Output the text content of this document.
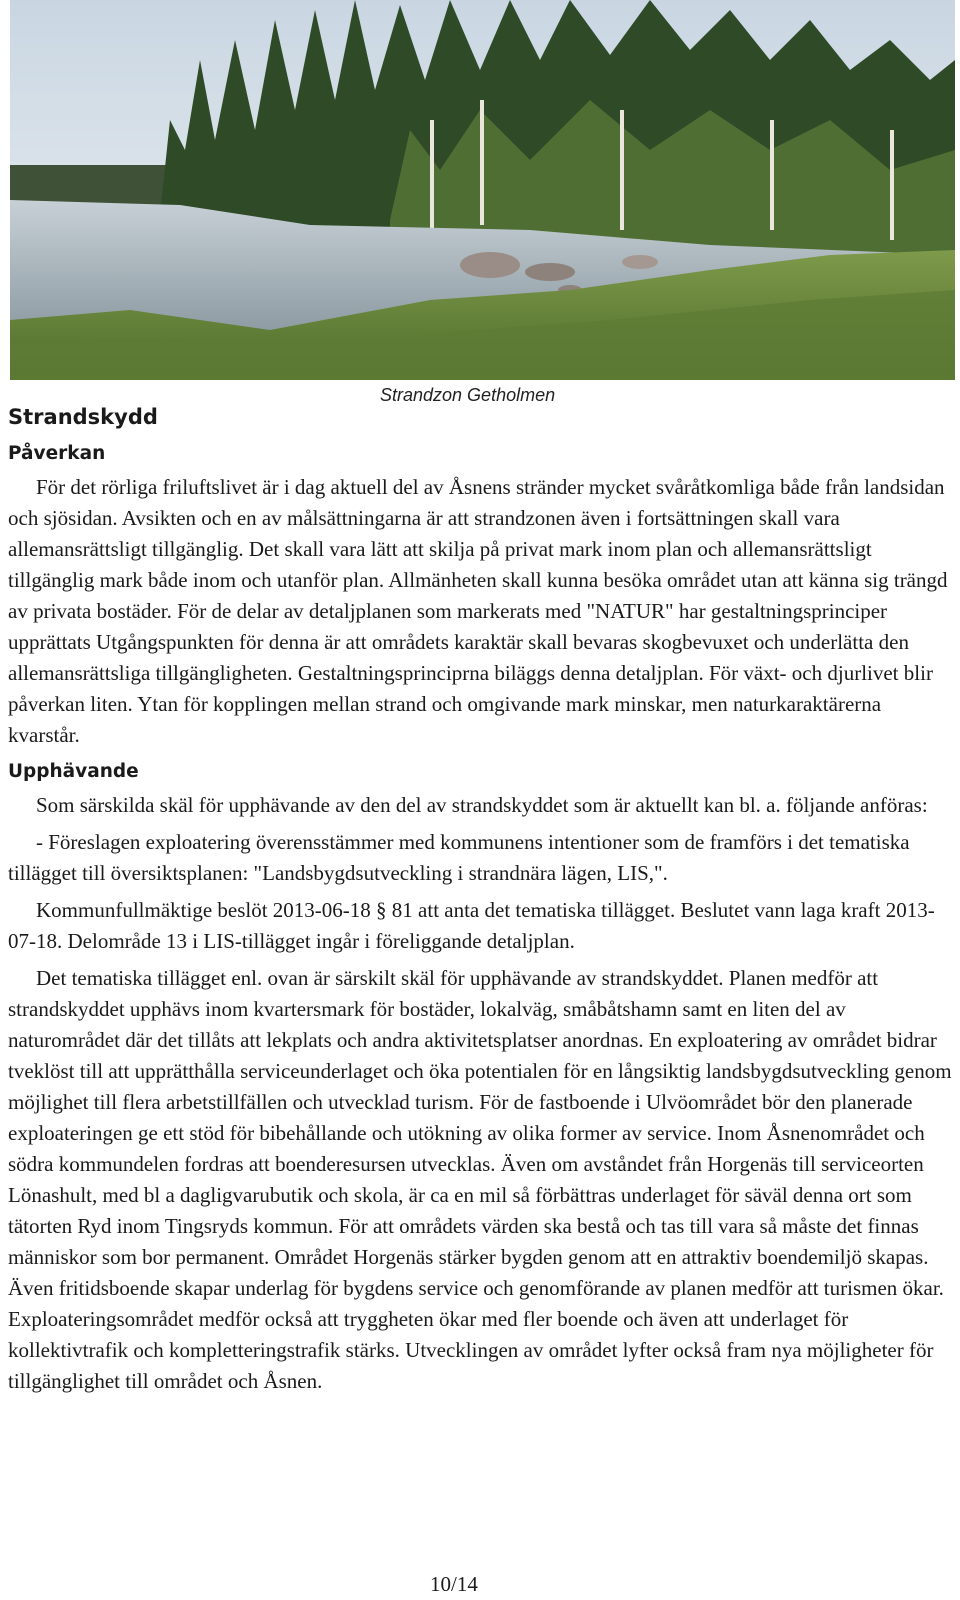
Strandzon Getholmen
Strandskydd
Påverkan

För det rörliga friluftslivet är i dag aktuell del av Åsnens stränder mycket svåråtkomliga både från landsidan och sjösidan. Avsikten och en av målsättningarna är att strandzonen även i fortsättningen skall vara allemansrättsligt tillgänglig. Det skall vara lätt att skilja på privat mark inom plan och allemansrättsligt tillgänglig mark både inom och utanför plan. Allmänheten skall kunna besöka området utan att känna sig trängd av privata bostäder. För de delar av detaljplanen som markerats med "NATUR" har gestaltningsprinciper upprättats Utgångspunkten för denna är att områdets karaktär skall bevaras skogbevuxet och underlätta den allemansrättsliga tillgängligheten. Gestaltningsprinciprna biläggs denna detaljplan. För växt- och djurlivet blir påverkan liten. Ytan för kopplingen mellan strand och omgivande mark minskar, men naturkaraktärerna kvarstår.

Upphävande

Som särskilda skäl för upphävande av den del av strandskyddet som är aktuellt kan bl. a. följande anföras:

- Föreslagen exploatering överensstämmer med kommunens intentioner som de framförs i det tematiska tillägget till översiktsplanen: "Landsbygdsutveckling i strandnära lägen, LIS,".

Kommunfullmäktige beslöt 2013-06-18 § 81 att anta det tematiska tillägget. Beslutet vann laga kraft 2013-07-18. Delområde 13 i LIS-tillägget ingår i föreliggande detaljplan.

Det tematiska tillägget enl. ovan är särskilt skäl för upphävande av strandskyddet. Planen medför att strandskyddet upphävs inom kvartersmark för bostäder, lokalväg, småbåtshamn samt en liten del av naturområdet där det tillåts att lekplats och andra aktivitetsplatser anordnas. En exploatering av området bidrar tveklöst till att upprätthålla serviceunderlaget och öka potentialen för en långsiktig landsbygdsutveckling genom möjlighet till flera arbetstillfällen och utvecklad turism. För de fastboende i Ulvöområdet bör den planerade exploateringen ge ett stöd för bibehållande och utökning av olika former av service. Inom Åsnenområdet och södra kommundelen fordras att boenderesursen utvecklas. Även om avståndet från Horgenäs till serviceorten Lönashult, med bl a dagligvarubutik och skola, är ca en mil så förbättras underlaget för säväl denna ort som tätorten Ryd inom Tingsryds kommun. För att områdets värden ska bestå och tas till vara så måste det finnas människor som bor permanent. Området Horgenäs stärker bygden genom att en attraktiv boendemiljö skapas. Även fritidsboende skapar underlag för bygdens service och genomförande av planen medför att turismen ökar. Exploateringsområdet medför också att tryggheten ökar med fler boende och även att underlaget för kollektivtrafik och kompletteringstrafik stärks. Utvecklingen av området lyfter också fram nya möjligheter för tillgänglighet till området och Åsnen.

10/14
